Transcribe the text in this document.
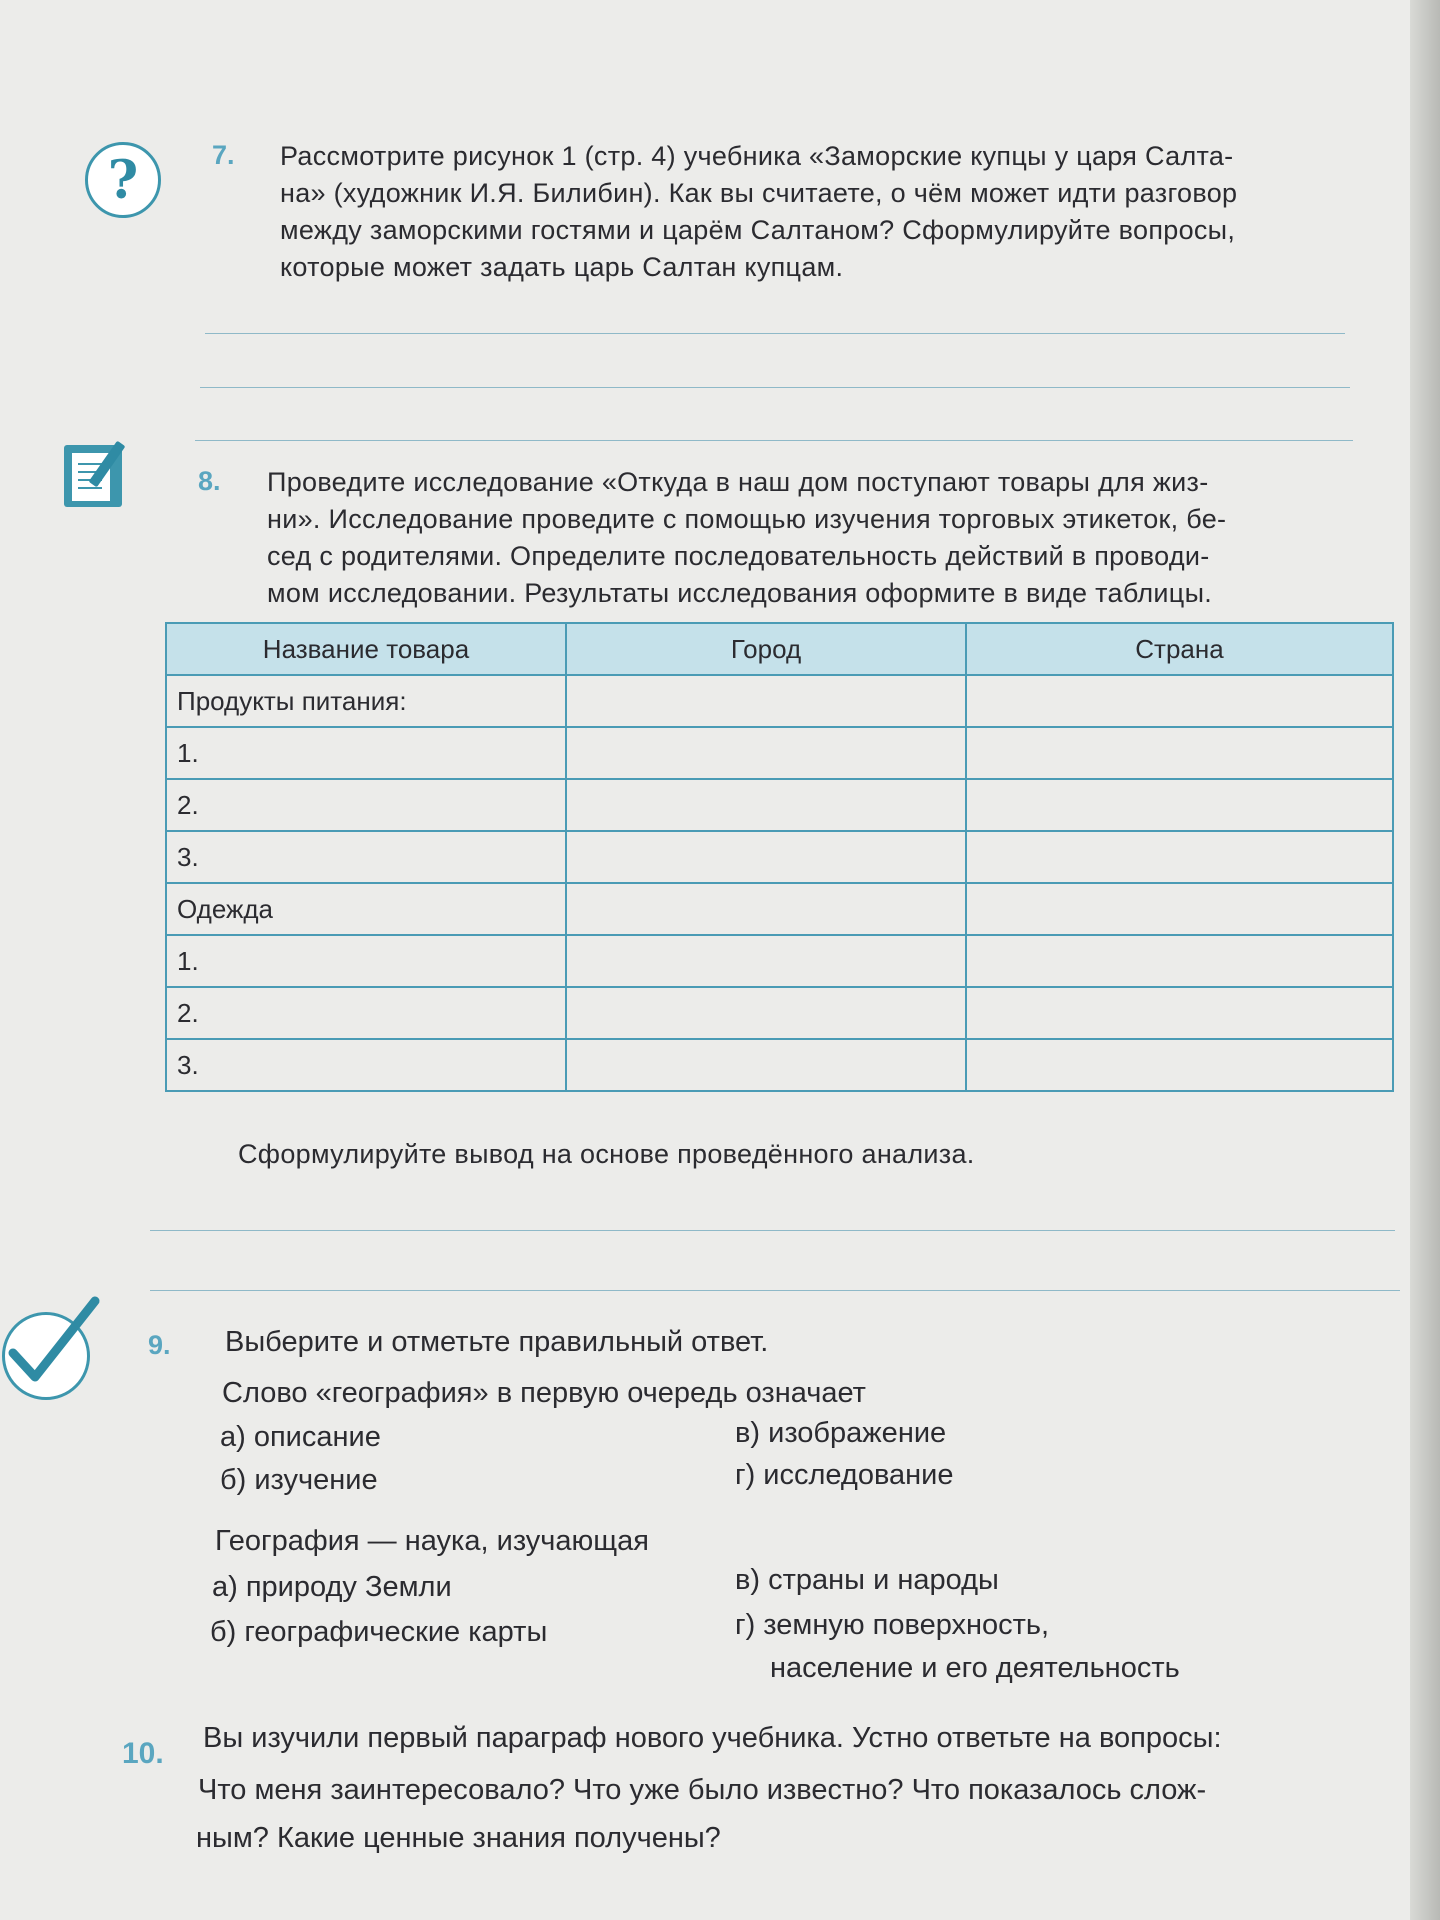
?	7. Рассмотрите рисунок 1 (стр. 4) учебника «Заморские купцы у царя Салта-
на» (художник И.Я. Билибин). Как вы считаете, о чём может идти разговор
между заморскими гостями и царём Салтаном? Сформулируйте вопросы,
которые может задать царь Салтан купцам.
8. Проведите исследование «Откуда в наш дом поступают товары для жиз-
ни». Исследование проведите с помощью изучения торговых этикеток, бе-
сед с родителями. Определите последовательность действий в проводи-
мом исследовании. Результаты исследования оформите в виде таблицы.
Название товара	Город	Страна
Продукты питания:		
1.		
2.		
3.		
Одежда		
1.		
2.		
3.		
Сформулируйте вывод на основе проведённого анализа.
9. Выберите и отметьте правильный ответ.
Слово «география» в первую очередь означает
а) описание
б) изучение
в) изображение
г) исследование
География — наука, изучающая
а) природу Земли
б) географические карты
в) страны и народы
г) земную поверхность,
население и его деятельность
10. Вы изучили первый параграф нового учебника. Устно ответьте на вопросы:
Что меня заинтересовало? Что уже было известно? Что показалось слож-
ным? Какие ценные знания получены?
